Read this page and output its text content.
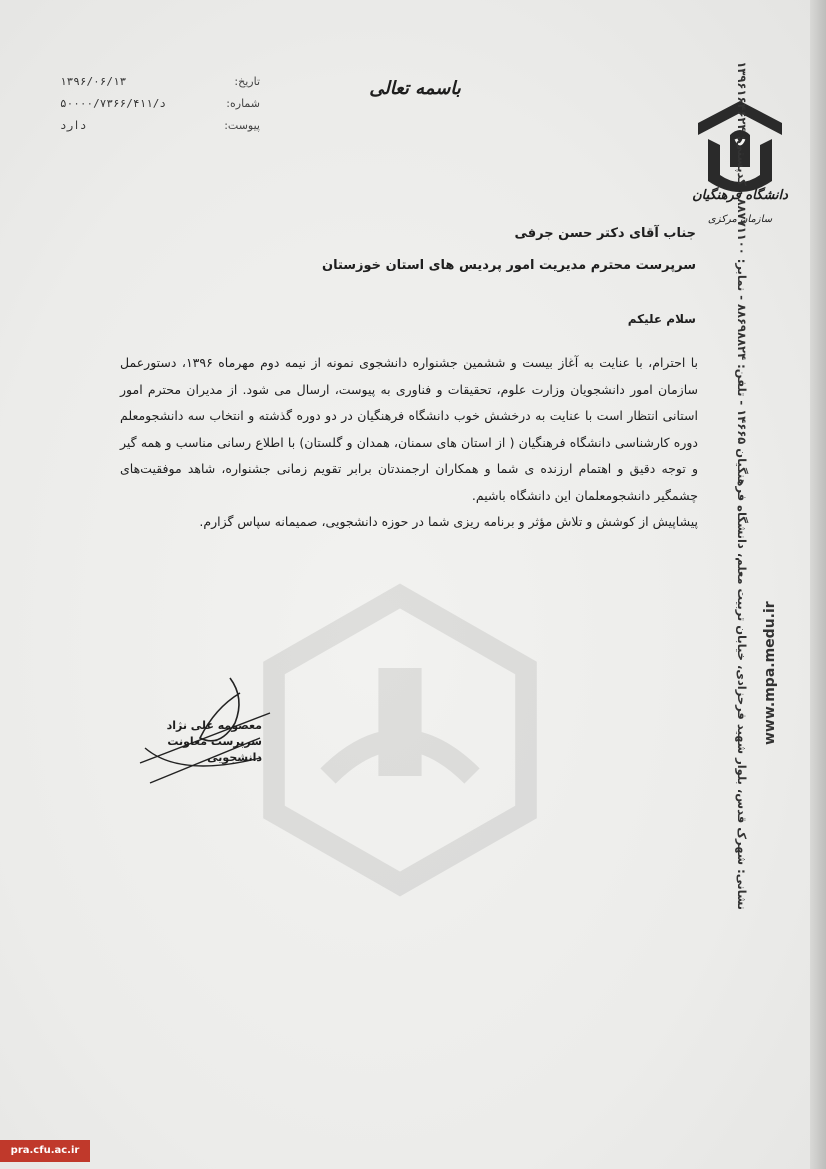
تاریخ:
۱۳۹۶/۰۶/۱۳
شماره:
۵۰۰۰۰/۷۳۶۶/۴۱۱/د
پیوست:
دارد
باسمه تعالی
دانشگاه فرهنگیان
سازمان مرکزی
جناب آقای دکتر حسن جرفی
سرپرست محترم مدیریت امور پردیس های استان خوزستان
سلام علیکم

با احترام، با عنایت به آغاز بیست و ششمین جشنواره دانشجوی نمونه از نیمه دوم مهرماه ۱۳۹۶، دستورعمل سازمان امور دانشجویان وزارت علوم، تحقیقات و فناوری به پیوست، ارسال می شود. از مدیران محترم امور استانی انتظار است با عنایت به درخشش خوب دانشگاه فرهنگیان در دو دوره گذشته و انتخاب سه دانشجومعلم دوره کارشناسی دانشگاه فرهنگیان ( از استان های سمنان، همدان و گلستان) با اطلاع رسانی مناسب و همه گیر و توجه دقیق و اهتمام ارزنده ی شما و همکاران ارجمندتان برابر تقویم زمانی جشنواره، شاهد موفقیت‌های چشمگیر دانشجومعلمان این دانشگاه باشیم.

پیشاپیش از کوشش و تلاش مؤثر و برنامه ریزی شما در حوزه دانشجویی، صمیمانه سپاس گزارم.

معصومه علی نژاد
سرپرست معاونت دانشجویی
نشانی: شهرک قدس، بلوار شهید فرحزادی، خیابان تربیت معلم، دانشگاه فرهنگیان ۱۴۶۶۵ - تلفن: ۸۸۶۹۸۸۲۴ - نمابر: ۸۸۷۷۱۱۰۰ - کدپستی: ۱۳۹۶۱۶۴۶۲۴ www.mpa.medu.ir
pra.cfu.ac.ir
